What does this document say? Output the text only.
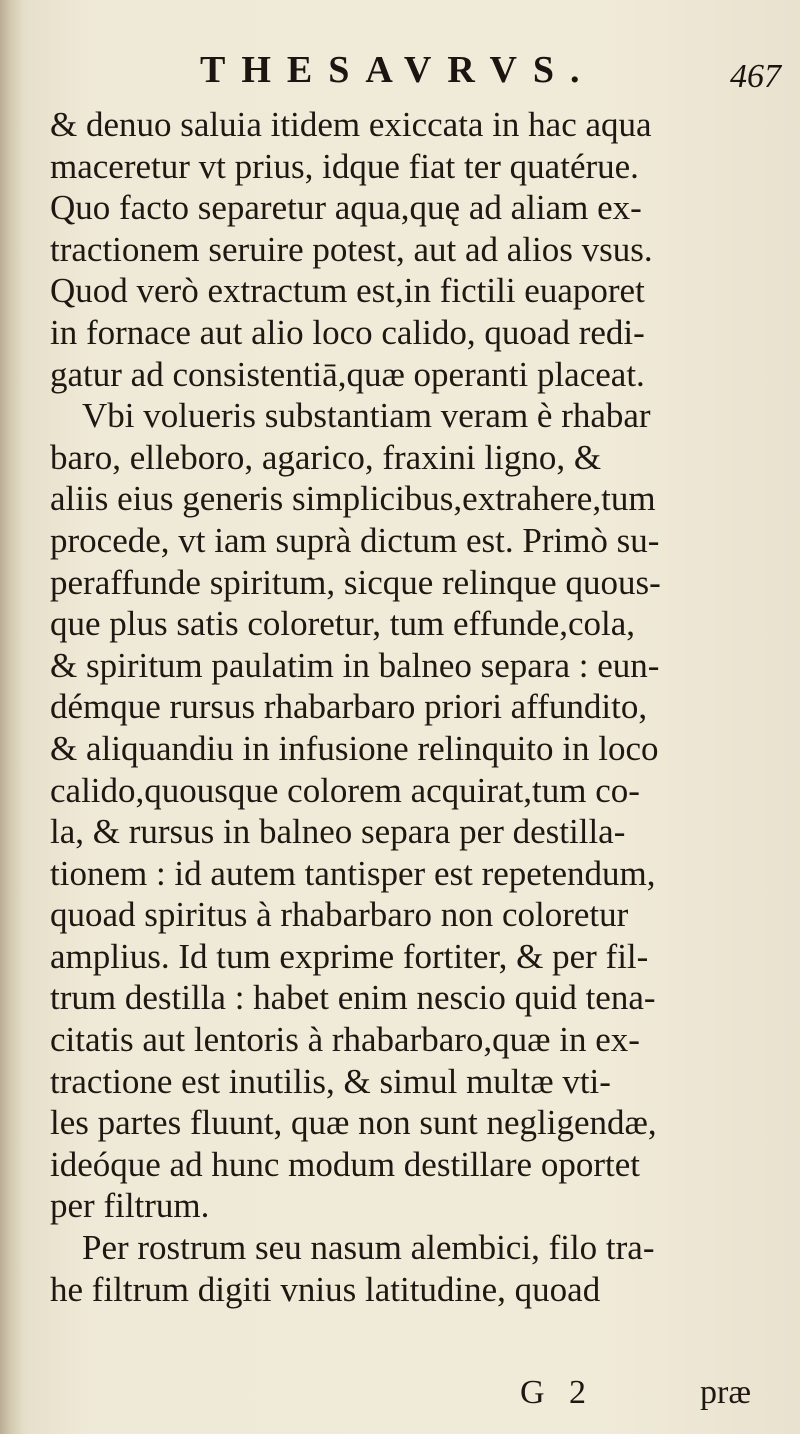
THESAVRVS.	467
& denuo saluia itidem exiccata in hac aqua
maceretur vt prius, idque fiat ter quatérue.
Quo facto separetur aqua,quę ad aliam ex-
tractionem seruire potest, aut ad alios vsus.
Quod verò extractum est,in fictili euaporet
in fornace aut alio loco calido, quoad redi-
gatur ad consistentiā,quæ operanti placeat.
Vbi volueris substantiam veram è rhabar
baro, elleboro, agarico, fraxini ligno, &
aliis eius generis simplicibus,extrahere,tum
procede, vt iam suprà dictum est. Primò su-
peraffunde spiritum, sicque relinque quous-
que plus satis coloretur, tum effunde,cola,
& spiritum paulatim in balneo separa : eun-
démque rursus rhabarbaro priori affundito,
& aliquandiu in infusione relinquito in loco
calido,quousque colorem acquirat,tum co-
la, & rursus in balneo separa per destilla-
tionem : id autem tantisper est repetendum,
quoad spiritus à rhabarbaro non coloretur
amplius. Id tum exprime fortiter, & per fil-
trum destilla : habet enim nescio quid tena-
citatis aut lentoris à rhabarbaro,quæ in ex-
tractione est inutilis, & simul multæ vti-
les partes fluunt, quæ non sunt negligendæ,
ideóque ad hunc modum destillare oportet
per filtrum.
Per rostrum seu nasum alembici, filo tra-
he filtrum digiti vnius latitudine, quoad
G 2	præ
